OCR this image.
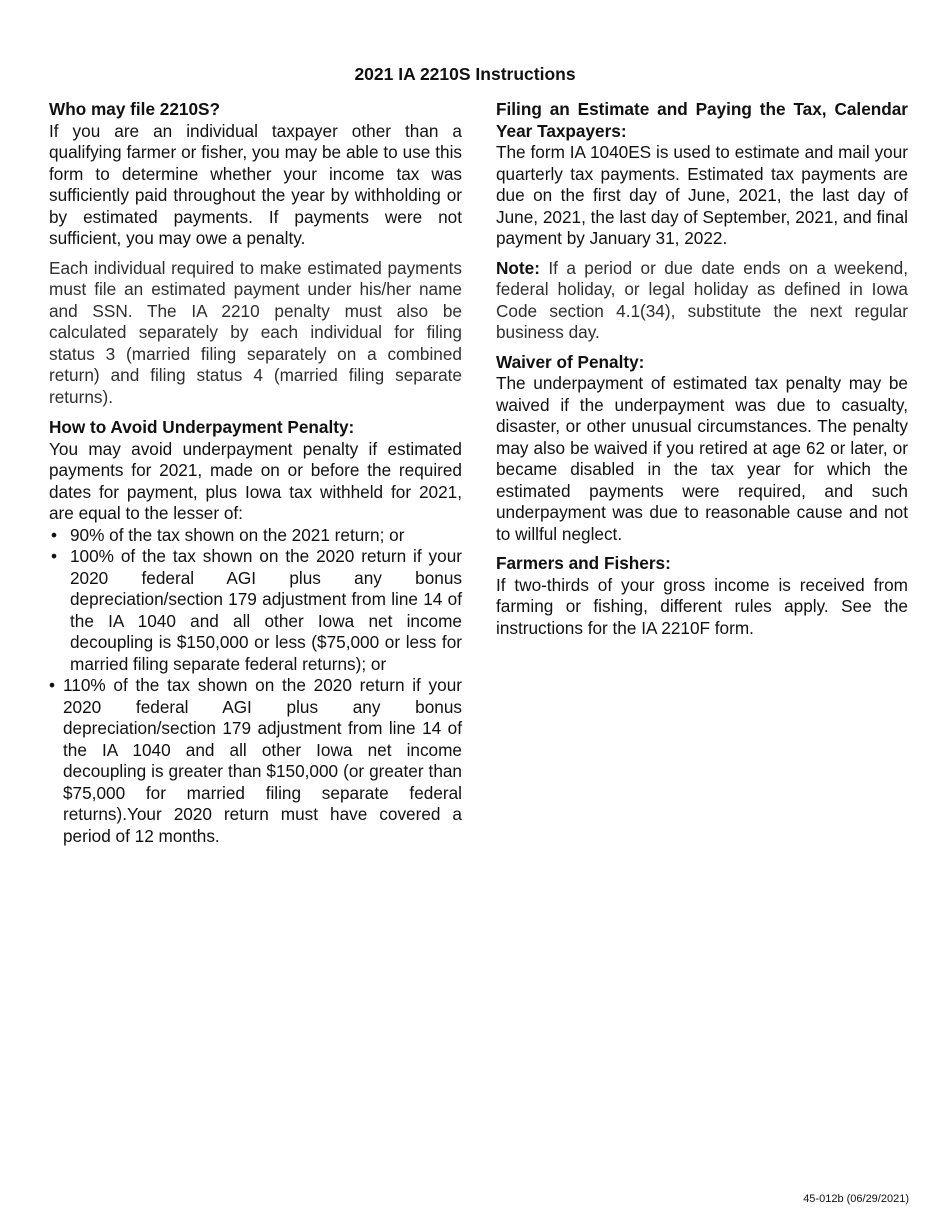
2021 IA 2210S Instructions

Who may file 2210S?

If you are an individual taxpayer other than a qualifying farmer or fisher, you may be able to use this form to determine whether your income tax was sufficiently paid throughout the year by withholding or by estimated payments. If payments were not sufficient, you may owe a penalty.

Each individual required to make estimated payments must file an estimated payment under his/her name and SSN. The IA 2210 penalty must also be calculated separately by each individual for filing status 3 (married filing separately on a combined return) and filing status 4 (married filing separate returns).

How to Avoid Underpayment Penalty:

You may avoid underpayment penalty if estimated payments for 2021, made on or before the required dates for payment, plus Iowa tax withheld for 2021, are equal to the lesser of:

• 90% of the tax shown on the 2021 return; or
• 100% of the tax shown on the 2020 return if your 2020 federal AGI plus any bonus depreciation/section 179 adjustment from line 14 of the IA 1040 and all other Iowa net income decoupling is $150,000 or less ($75,000 or less for married filing separate federal returns); or
• 110% of the tax shown on the 2020 return if your 2020 federal AGI plus any bonus depreciation/section 179 adjustment from line 14 of the IA 1040 and all other Iowa net income decoupling is greater than $150,000 (or greater than $75,000 for married filing separate federal returns).Your 2020 return must have covered a period of 12 months.

Filing an Estimate and Paying the Tax, Calendar Year Taxpayers:

The form IA 1040ES is used to estimate and mail your quarterly tax payments. Estimated tax payments are due on the first day of June, 2021, the last day of June, 2021, the last day of September, 2021, and final payment by January 31, 2022.

Note: If a period or due date ends on a weekend, federal holiday, or legal holiday as defined in Iowa Code section 4.1(34), substitute the next regular business day.

Waiver of Penalty:

The underpayment of estimated tax penalty may be waived if the underpayment was due to casualty, disaster, or other unusual circumstances. The penalty may also be waived if you retired at age 62 or later, or became disabled in the tax year for which the estimated payments were required, and such underpayment was due to reasonable cause and not to willful neglect.

Farmers and Fishers:

If two-thirds of your gross income is received from farming or fishing, different rules apply. See the instructions for the IA 2210F form.

45-012b (06/29/2021)
